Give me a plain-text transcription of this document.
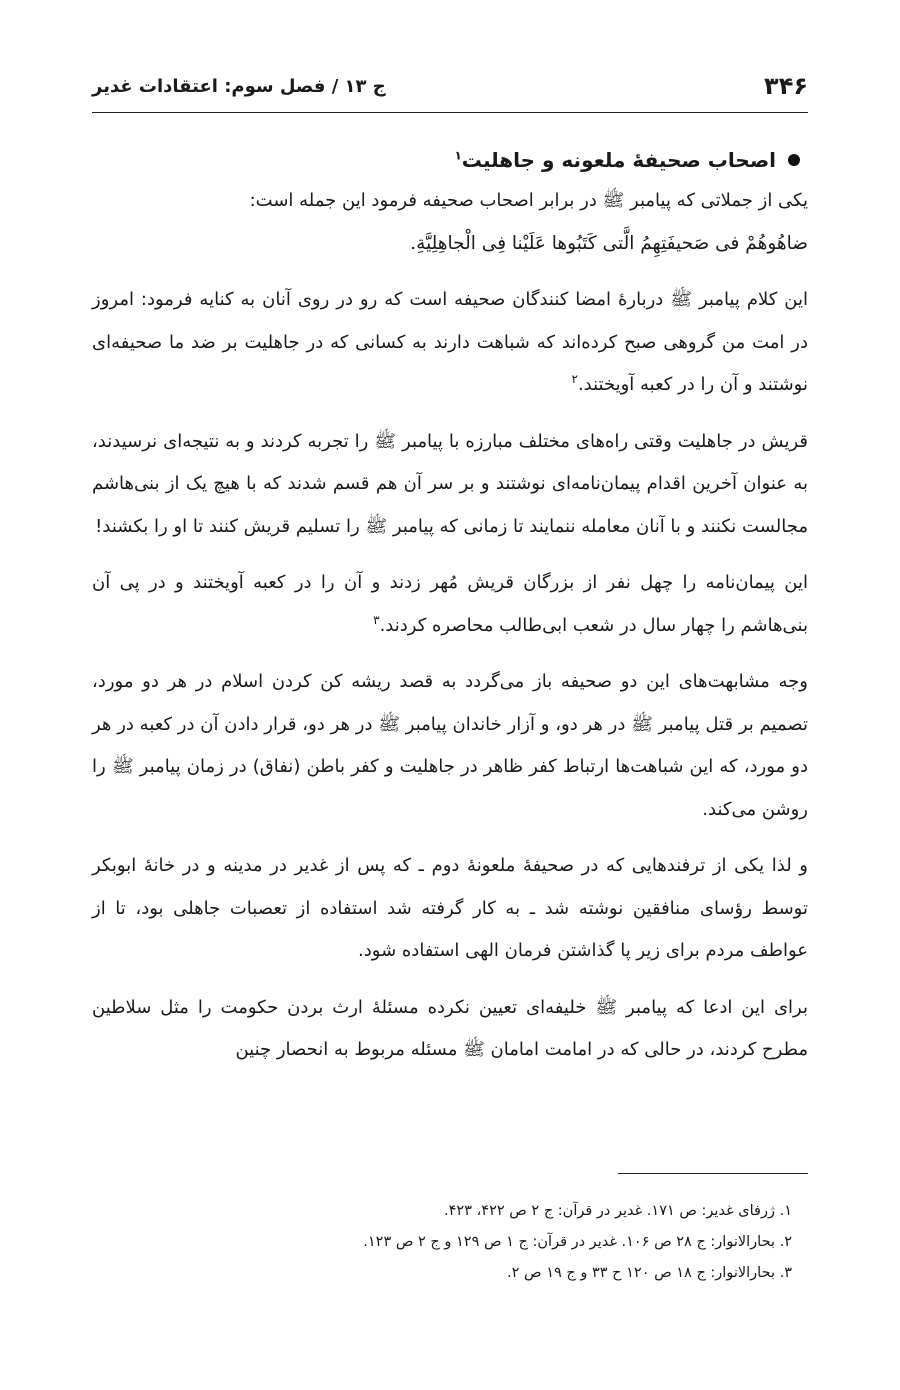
۳۴۶
ج ۱۳ / فصل سوم: اعتقادات غدیر
اصحاب صحیفۀ ملعونه و جاهلیت$^۱$

یکی از جملاتی که پیامبر ﷺ در برابر اصحاب صحیفه فرمود این جمله است:
ضاهُوهُمْ فی صَحیفَتِهِمُ الَّتی کَتَبُوها عَلَیْنا فِی الْجاهِلِیَّةِ.

این کلام پیامبر ﷺ دربارۀ امضا کنندگان صحیفه است که رو در روی آنان به کنایه فرمود: امروز در امت من گروهی صبح کرده‌اند که شباهت دارند به کسانی که در جاهلیت بر ضد ما صحیفه‌ای نوشتند و آن را در کعبه آویختند.$^۲$

قریش در جاهلیت وقتی راه‌های مختلف مبارزه با پیامبر ﷺ را تجربه کردند و به نتیجه‌ای نرسیدند، به عنوان آخرین اقدام پیمان‌نامه‌ای نوشتند و بر سر آن هم قسم شدند که با هیچ یک از بنی‌هاشم مجالست نکنند و با آنان معامله ننمایند تا زمانی که پیامبر ﷺ را تسلیم قریش کنند تا او را بکشند!

این پیمان‌نامه را چهل نفر از بزرگان قریش مُهر زدند و آن را در کعبه آویختند و در پی آن بنی‌هاشم را چهار سال در شعب ابی‌طالب محاصره کردند.$^۳$

وجه مشابهت‌های این دو صحیفه باز می‌گردد به قصد ریشه کن کردن اسلام در هر دو مورد، تصمیم بر قتل پیامبر ﷺ در هر دو، و آزار خاندان پیامبر ﷺ در هر دو، قرار دادن آن در کعبه در هر دو مورد، که این شباهت‌ها ارتباط کفر ظاهر در جاهلیت و کفر باطن (نفاق) در زمان پیامبر ﷺ را روشن می‌کند.

و لذا یکی از ترفندهایی که در صحیفۀ ملعونۀ دوم ـ که پس از غدیر در مدینه و در خانۀ ابوبکر توسط رؤسای منافقین نوشته شد ـ به کار گرفته شد استفاده از تعصبات جاهلی بود، تا از عواطف مردم برای زیر پا گذاشتن فرمان الهی استفاده شود.

برای این ادعا که پیامبر ﷺ خلیفه‌ای تعیین نکرده مسئلۀ ارث بردن حکومت را مثل سلاطین مطرح کردند، در حالی که در امامت امامان ﷺ مسئله مربوط به انحصار چنین

۱. ژرفای غدیر: ص ۱۷۱. غدیر در قرآن: ج ۲ ص ۴۲۲، ۴۲۳.
۲. بحارالانوار: ج ۲۸ ص ۱۰۶. غدیر در قرآن: ج ۱ ص ۱۲۹ و ج ۲ ص ۱۲۳.
۳. بحارالانوار: ج ۱۸ ص ۱۲۰ ح ۳۳ و ج ۱۹ ص ۲.
